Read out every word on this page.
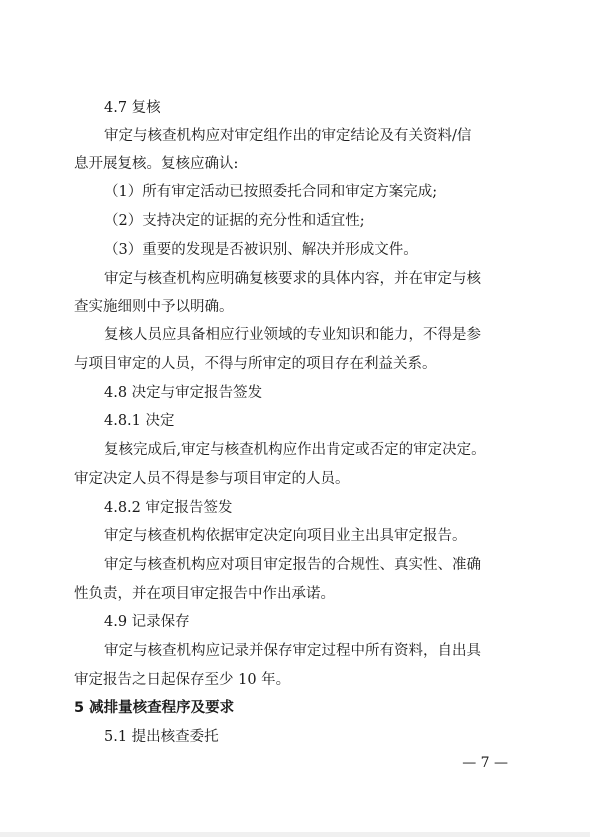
4.7 复核
审定与核查机构应对审定组作出的审定结论及有关资料/信
息开展复核。复核应确认:
（1）所有审定活动已按照委托合同和审定方案完成;
（2）支持决定的证据的充分性和适宜性;
（3）重要的发现是否被识别、解决并形成文件。
审定与核查机构应明确复核要求的具体内容，并在审定与核
查实施细则中予以明确。
复核人员应具备相应行业领域的专业知识和能力，不得是参
与项目审定的人员，不得与所审定的项目存在利益关系。
4.8 决定与审定报告签发
4.8.1 决定
复核完成后,审定与核查机构应作出肯定或否定的审定决定。
审定决定人员不得是参与项目审定的人员。
4.8.2 审定报告签发
审定与核查机构依据审定决定向项目业主出具审定报告。
审定与核查机构应对项目审定报告的合规性、真实性、准确
性负责，并在项目审定报告中作出承诺。
4.9 记录保存
审定与核查机构应记录并保存审定过程中所有资料，自出具
审定报告之日起保存至少 10 年。
5 减排量核查程序及要求
5.1 提出核查委托
— 7 —
